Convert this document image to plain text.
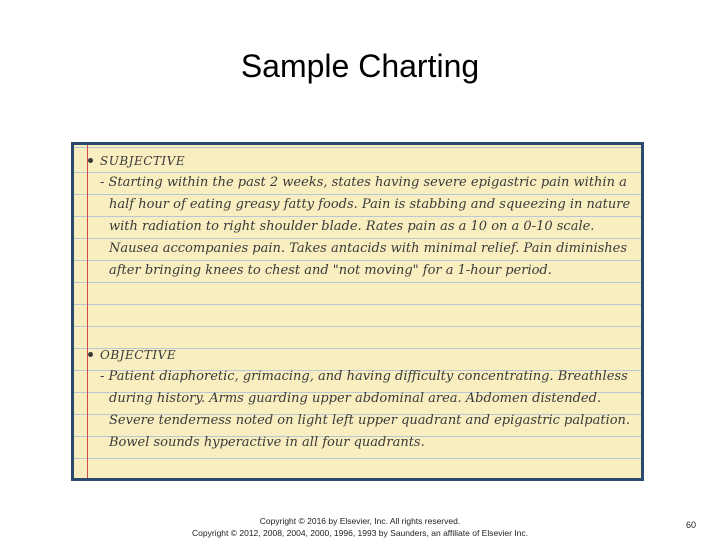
Sample Charting
SUBJECTIVE

- Starting within the past 2 weeks, states having severe epigastric pain within a half hour of eating greasy fatty foods. Pain is stabbing and squeezing in nature with radiation to right shoulder blade. Rates pain as a 10 on a 0-10 scale. Nausea accompanies pain. Takes antacids with minimal relief. Pain diminishes after bringing knees to chest and "not moving" for a 1-hour period.

OBJECTIVE

- Patient diaphoretic, grimacing, and having difficulty concentrating. Breathless during history. Arms guarding upper abdominal area. Abdomen distended. Severe tenderness noted on light left upper quadrant and epigastric palpation. Bowel sounds hyperactive in all four quadrants.

Copyright © 2016 by Elsevier, Inc. All rights reserved.
Copyright © 2012, 2008, 2004, 2000, 1996, 1993 by Saunders, an affiliate of Elsevier Inc.
60
